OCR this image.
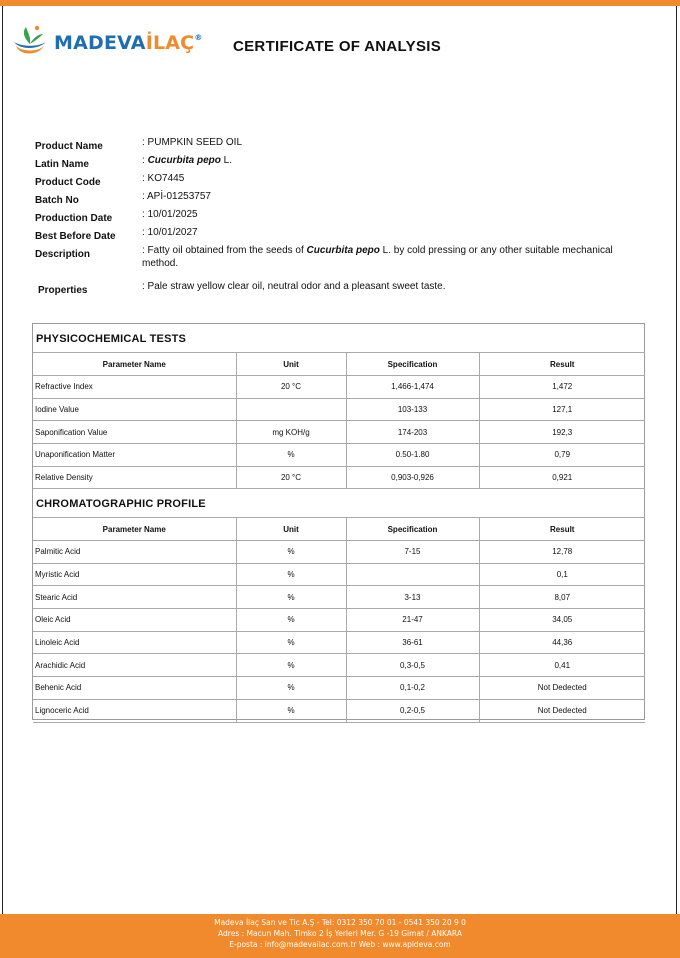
MADEVAİLAÇ®
CERTIFICATE OF ANALYSIS
Product Name	: PUMPKIN SEED OIL
Latin Name	: Cucurbita pepo L.
Product Code	: KO7445
Batch No	: APİ-01253757
Production Date	: 10/01/2025
Best Before Date	: 10/01/2027
Description	: Fatty oil obtained from the seeds of Cucurbita pepo L. by cold pressing or any other suitable mechanical method.
Properties	: Pale straw yellow clear oil, neutral odor and a pleasant sweet taste.
PHYSICOCHEMICAL TESTS
Parameter Name	Unit	Specification	Result
Refractive Index	20 °C	1,466-1,474	1,472
Iodine Value		103-133	127,1
Saponification Value	mg KOH/g	174-203	192,3
Unaponification Matter	%	0.50-1.80	0,79
Relative Density	20 °C	0,903-0,926	0,921
CHROMATOGRAPHIC PROFILE
Parameter Name	Unit	Specification	Result
Palmitic Acid	%	7-15	12,78
Myristic Acid	%		0,1
Stearic Acid	%	3-13	8,07
Oleic Acid	%	21-47	34,05
Linoleic Acid	%	36-61	44,36
Arachidic Acid	%	0,3-0,5	0,41
Behenic Acid	%	0,1-0,2	Not Dedected
Lignoceric Acid	%	0,2-0,5	Not Dedected
Madeva İlaç San ve Tic A.Ş - Tel: 0312 350 70 01 - 0541 350 20 9 0
Adres : Macun Mah. Timko 2 İş Yerleri Mer. G -19 Gimat / ANKARA
E-posta : info@madevailac.com.tr Web : www.apideva.com
